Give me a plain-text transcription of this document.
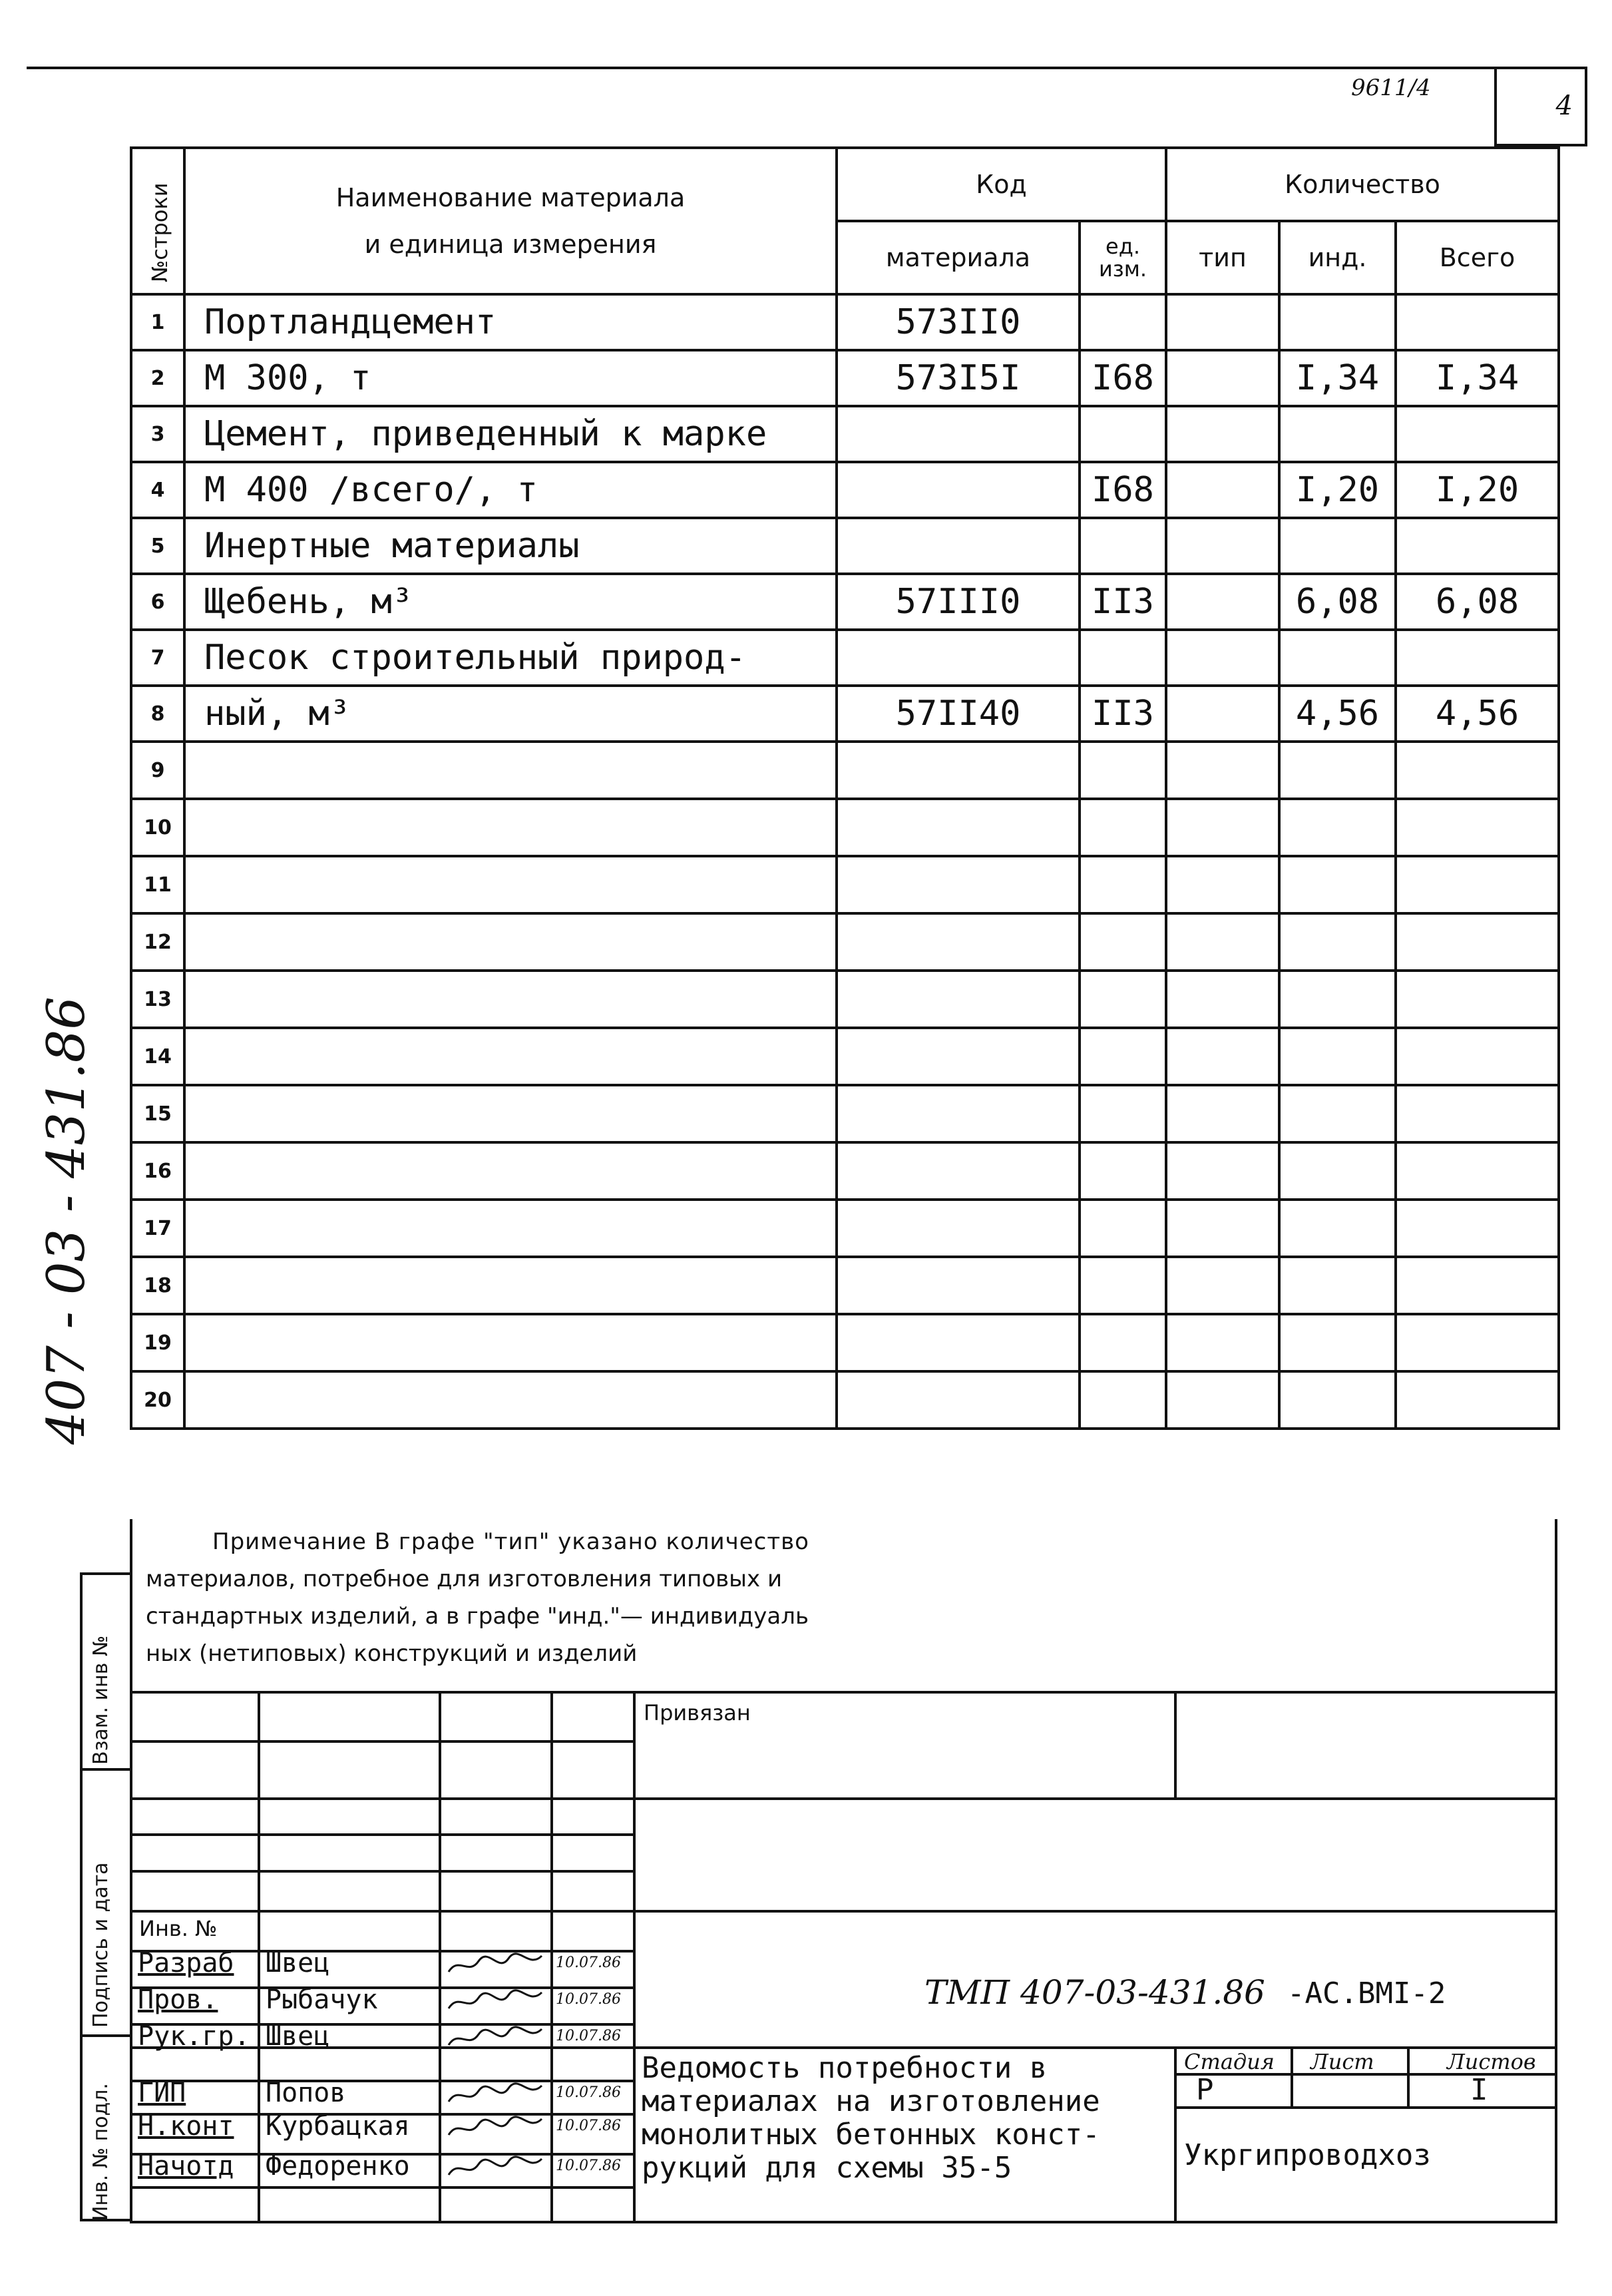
9611/4
4
407 - 03 - 431.86
№строки	Наименование материала
и единица измерения	Код		Количество		
		материала	ед. изм.	тип	инд.	Всего
1	Портландцемент	573II0				
2	М 300, т	573I5I	I68		I,34	I,34
3	Цемент, приведенный к марке					
4	М 400 /всего/, т		I68		I,20	I,20
5	Инертные материалы					
6	Щебень, м³	57III0	II3		6,08	6,08
7	Песок строительный природ-					
8	ный, м³	57II40	II3		4,56	4,56
9						
10						
11						
12						
13						
14						
15						
16						
17						
18						
19						
20						
Взам. инв №
Подпись и дата
Инв. № подл.
Примечание В графе "тип" указано количество
материалов, потребное для изготовления типовых и
стандартных изделий, а в графе "инд."— индивидуаль
ных (нетиповых) конструкций и изделий
Привязан
Инв. №
Разраб Швец	10.07.86
Пров. Рыбачук	10.07.86
Рук.гр. Швец	10.07.86
ГИП	Попов	10.07.86
Н.конт Курбацкая	10.07.86
Начотд Федоренко	10.07.86
ТМП 407-03-431.86 -АС.ВМI-2
Ведомость потребности в
материалах на изготовление
монолитных бетонных конст-
рукций для схемы 35-5
Стадия Лист	Листов
Р	I
Укргипроводхоз
